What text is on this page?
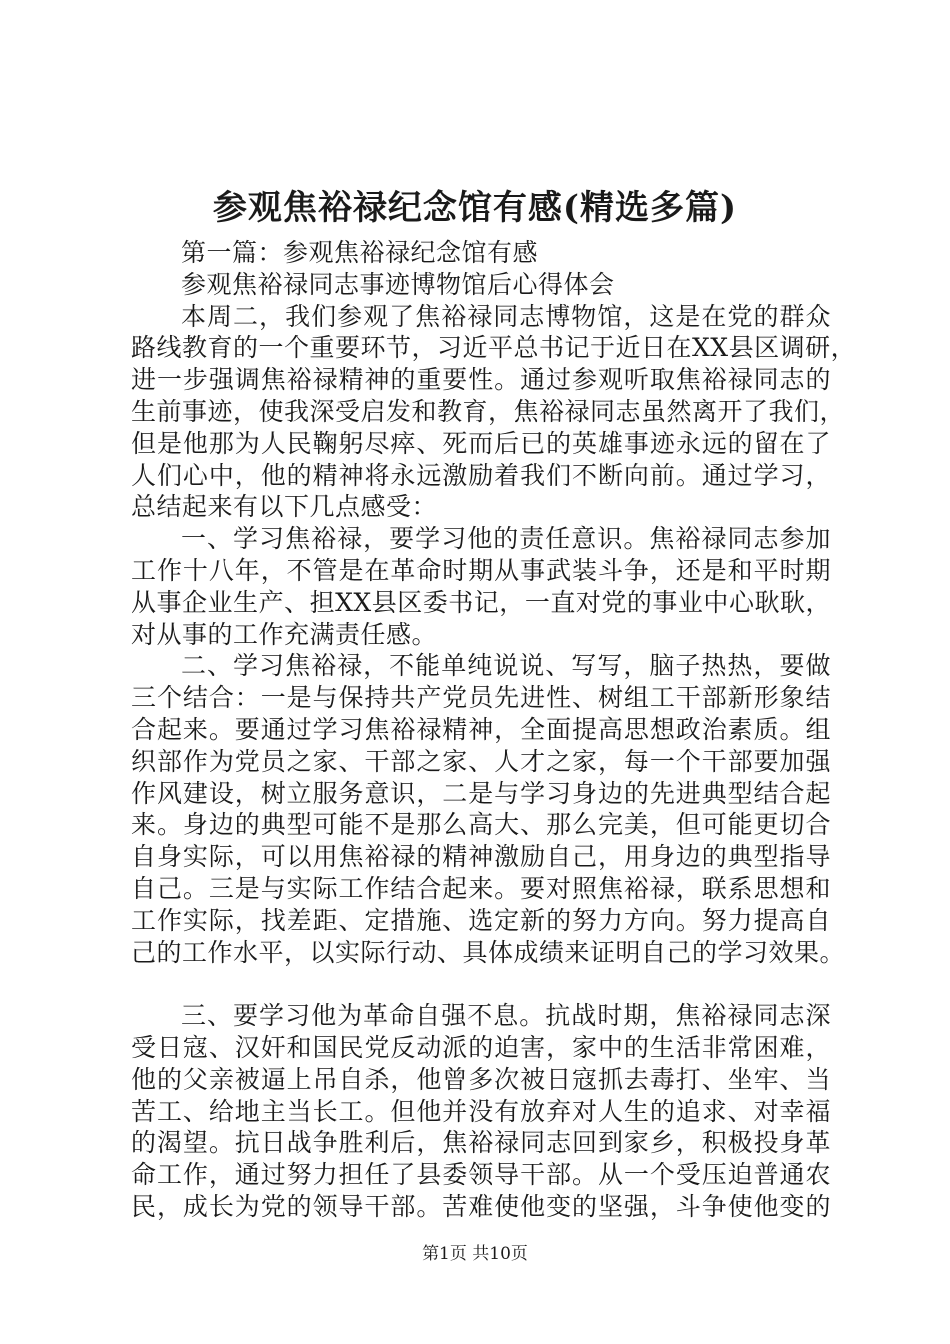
参观焦裕禄纪念馆有感(精选多篇)
第一篇：参观焦裕禄纪念馆有感
参观焦裕禄同志事迹博物馆后心得体会
本周二，我们参观了焦裕禄同志博物馆，这是在党的群众
路线教育的一个重要环节，习近平总书记于近日在XX县区调研，
进一步强调焦裕禄精神的重要性。通过参观听取焦裕禄同志的
生前事迹，使我深受启发和教育，焦裕禄同志虽然离开了我们，
但是他那为人民鞠躬尽瘁、死而后已的英雄事迹永远的留在了
人们心中，他的精神将永远激励着我们不断向前。通过学习，
总结起来有以下几点感受：
一、学习焦裕禄，要学习他的责任意识。焦裕禄同志参加
工作十八年，不管是在革命时期从事武装斗争，还是和平时期
从事企业生产、担XX县区委书记，一直对党的事业中心耿耿，
对从事的工作充满责任感。
二、学习焦裕禄，不能单纯说说、写写，脑子热热，要做
三个结合：一是与保持共产党员先进性、树组工干部新形象结
合起来。要通过学习焦裕禄精神，全面提高思想政治素质。组
织部作为党员之家、干部之家、人才之家，每一个干部要加强
作风建设，树立服务意识，二是与学习身边的先进典型结合起
来。身边的典型可能不是那么高大、那么完美，但可能更切合
自身实际，可以用焦裕禄的精神激励自己，用身边的典型指导
自己。三是与实际工作结合起来。要对照焦裕禄，联系思想和
工作实际，找差距、定措施、选定新的努力方向。努力提高自
己的工作水平，以实际行动、具体成绩来证明自己的学习效果。
三、要学习他为革命自强不息。抗战时期，焦裕禄同志深
受日寇、汉奸和国民党反动派的迫害，家中的生活非常困难，
他的父亲被逼上吊自杀，他曾多次被日寇抓去毒打、坐牢、当
苦工、给地主当长工。但他并没有放弃对人生的追求、对幸福
的渴望。抗日战争胜利后，焦裕禄同志回到家乡，积极投身革
命工作，通过努力担任了县委领导干部。从一个受压迫普通农
民，成长为党的领导干部。苦难使他变的坚强，斗争使他变的
第1页 共10页
